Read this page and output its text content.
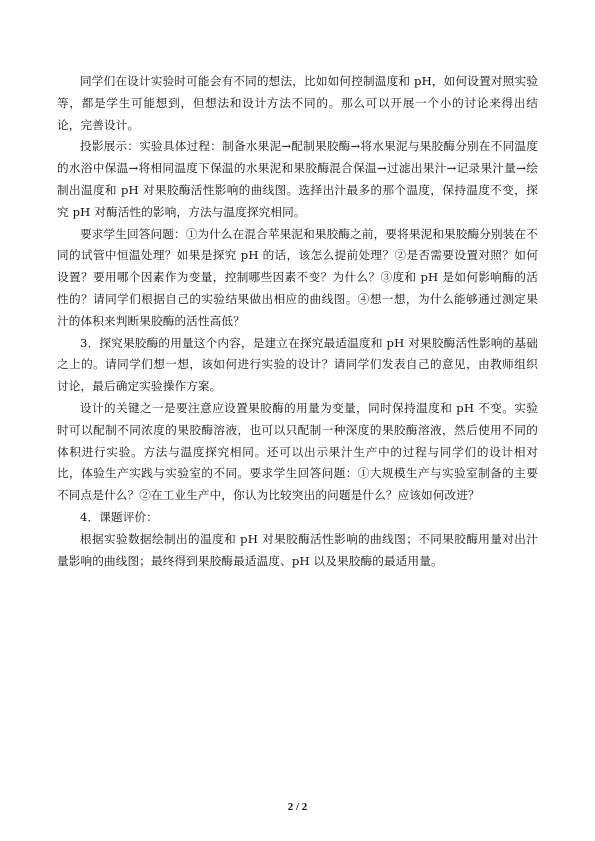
同学们在设计实验时可能会有不同的想法，比如如何控制温度和 pH，如何设置对照实验等，都是学生可能想到，但想法和设计方法不同的。那么可以开展一个小的讨论来得出结论，完善设计。

投影展示：实验具体过程：制备水果泥→配制果胶酶→将水果泥与果胶酶分别在不同温度的水浴中保温→将相同温度下保温的水果泥和果胶酶混合保温→过滤出果汁→记录果汁量→绘制出温度和 pH 对果胶酶活性影响的曲线图。选择出汁最多的那个温度，保持温度不变，探究 pH 对酶活性的影响，方法与温度探究相同。

要求学生回答问题：①为什么在混合苹果泥和果胶酶之前，要将果泥和果胶酶分别装在不同的试管中恒温处理？如果是探究 pH 的话，该怎么提前处理？②是否需要设置对照？如何设置？要用哪个因素作为变量，控制哪些因素不变？为什么？③度和 pH 是如何影响酶的活性的？请同学们根据自己的实验结果做出相应的曲线图。④想一想，为什么能够通过测定果汁的体积来判断果胶酶的活性高低？

3．探究果胶酶的用量这个内容，是建立在探究最适温度和 pH 对果胶酶活性影响的基础之上的。请同学们想一想，该如何进行实验的设计？请同学们发表自己的意见，由教师组织讨论，最后确定实验操作方案。

设计的关键之一是要注意应设置果胶酶的用量为变量，同时保持温度和 pH 不变。实验时可以配制不同浓度的果胶酶溶液，也可以只配制一种深度的果胶酶溶液，然后使用不同的体积进行实验。方法与温度探究相同。还可以出示果汁生产中的过程与同学们的设计相对比，体验生产实践与实验室的不同。要求学生回答问题：①大规模生产与实验室制备的主要不同点是什么？②在工业生产中，你认为比较突出的问题是什么？应该如何改进？

4．课题评价：

根据实验数据绘制出的温度和 pH 对果胶酶活性影响的曲线图；不同果胶酶用量对出汁量影响的曲线图；最终得到果胶酶最适温度、pH 以及果胶酶的最适用量。

2 / 2
